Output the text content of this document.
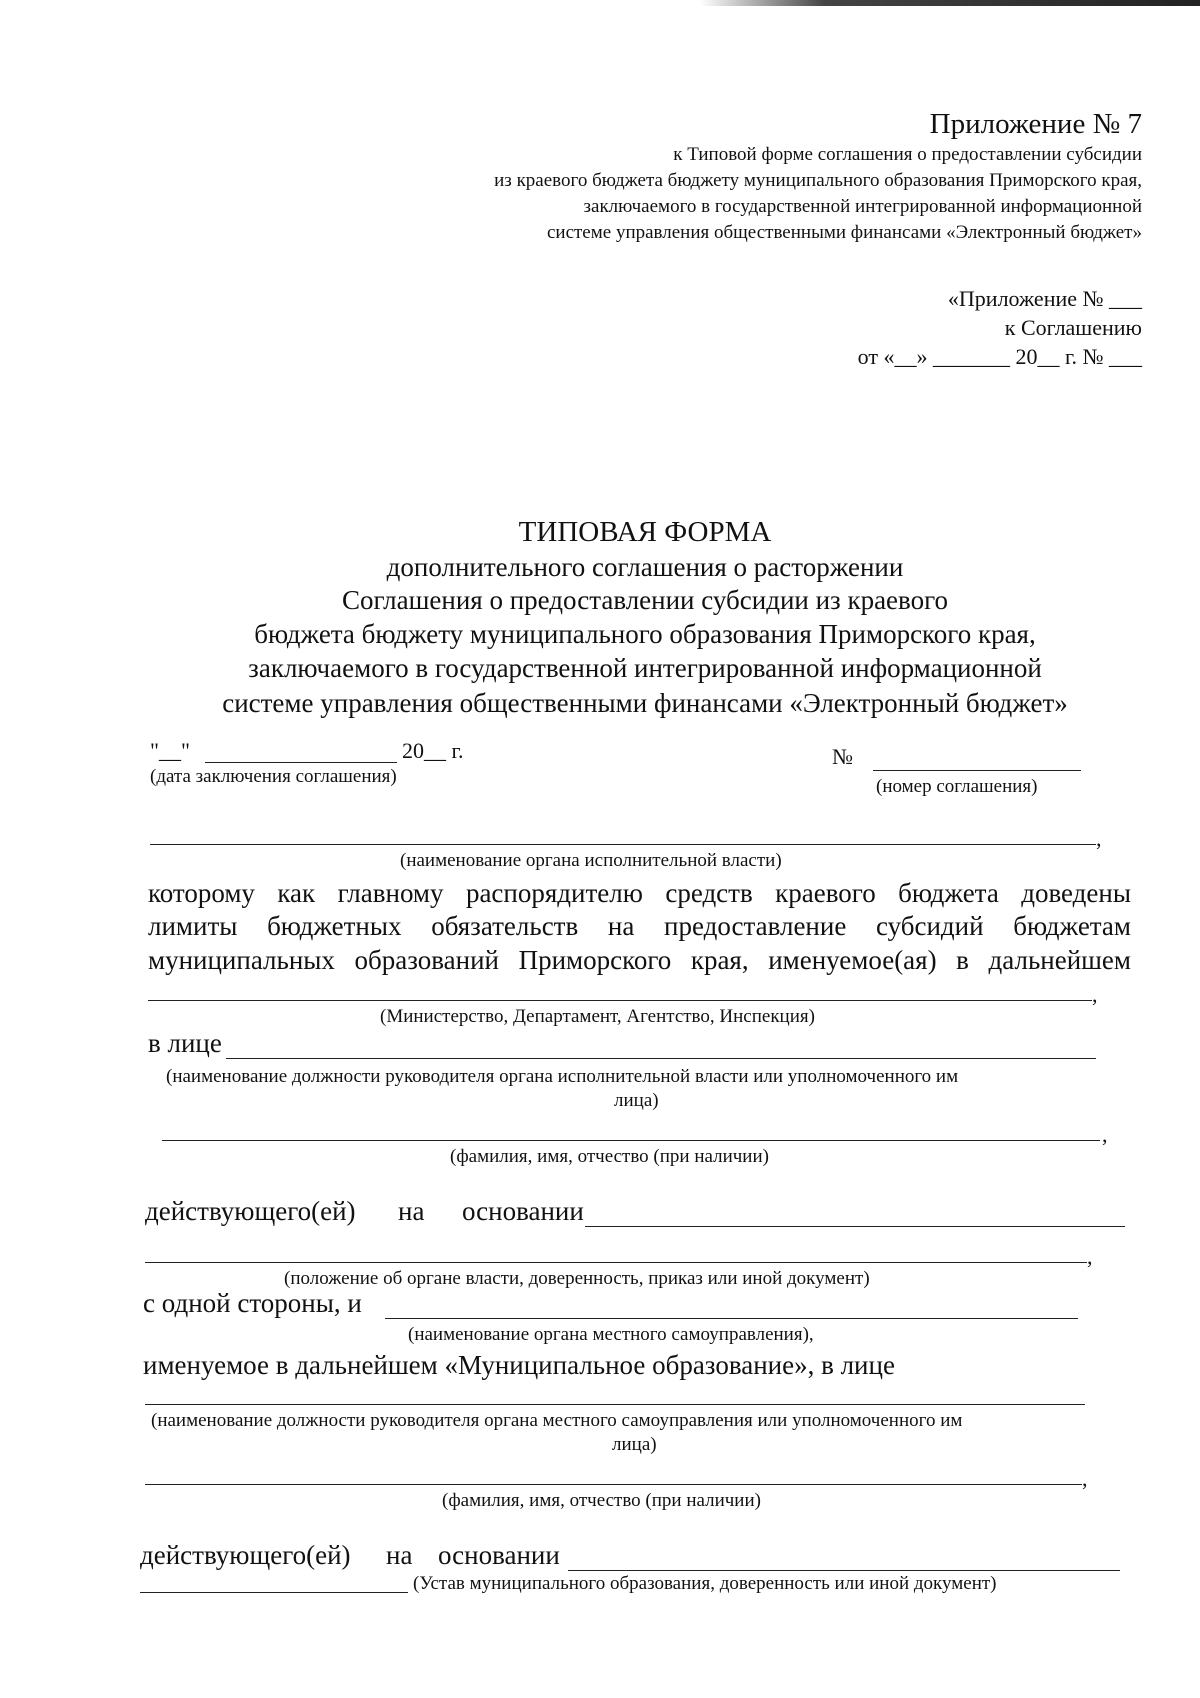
Приложение № 7
к Типовой форме соглашения о предоставлении субсидии
из краевого бюджета бюджету муниципального образования Приморского края,
заключаемого в государственной интегрированной информационной
системе управления общественными финансами «Электронный бюджет»
«Приложение № ___
к Соглашению
от «__» _______ 20__ г. № ___
ТИПОВАЯ ФОРМА
дополнительного соглашения о расторжении
Соглашения о предоставлении субсидии из краевого
бюджета бюджету муниципального образования Приморского края,
заключаемого в государственной интегрированной информационной
системе управления общественными финансами «Электронный бюджет»
"__"	20__ г.
(дата заключения соглашения)
№
(номер соглашения)
,
(наименование органа исполнительной власти)
которому как главному распорядителю средств краевого бюджета доведены
лимиты бюджетных обязательств на предоставление субсидий бюджетам
муниципальных образований Приморского края, именуемое(ая) в дальнейшем
,
(Министерство, Департамент, Агентство, Инспекция)
в лице
(наименование должности руководителя органа исполнительной власти или уполномоченного им
лица)
,
(фамилия, имя, отчество (при наличии)
действующего(ей) на основании
,
(положение об органе власти, доверенность, приказ или иной документ)
с одной стороны, и
(наименование органа местного самоуправления),
именуемое в дальнейшем «Муниципальное образование», в лице
(наименование должности руководителя органа местного самоуправления или уполномоченного им
лица)
,
(фамилия, имя, отчество (при наличии)
действующего(ей) на основании
(Устав муниципального образования, доверенность или иной документ)
